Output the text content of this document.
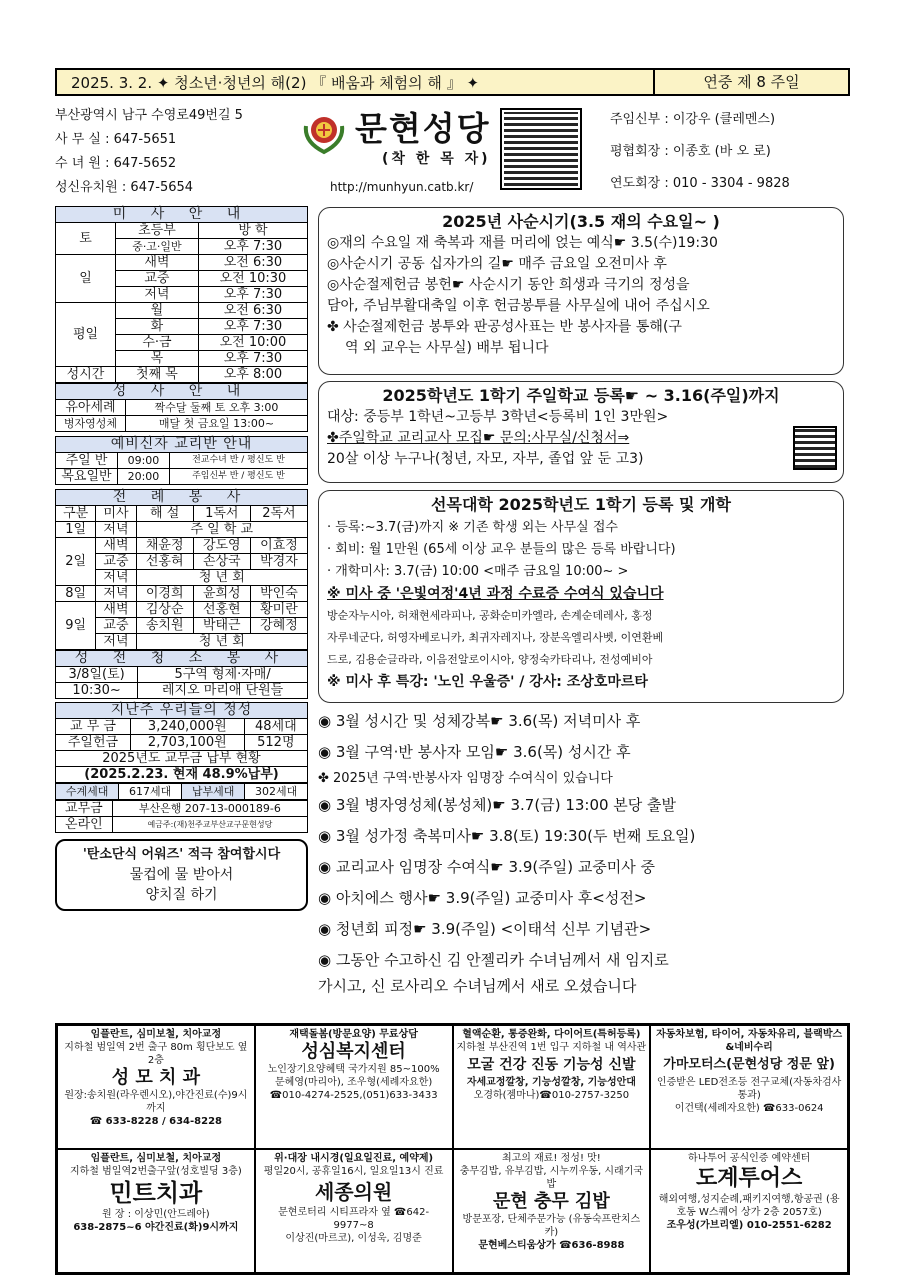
2025. 3. 2. ✦ 청소년·청년의 해(2) 『 배움과 체험의 해 』 ✦	연중 제 8 주일
부산광역시 남구 수영로49번길 5
사 무 실 : 647-5651
수 녀 원 : 647-5652
성신유치원 : 647-5654
문현성당
(착 한 목 자)
http://munhyun.catb.kr/
주임신부 : 이강우 (클레멘스)
평협회장 : 이종호 (바 오 로)
연도회장 : 010 - 3304 - 9828
미 사 안 내		
토	초등부	방 학
	중·고·일반	오후 7:30
일	새벽	오전 6:30
	교중	오전 10:30
	저녁	오후 7:30
평일	월	오전 6:30
	화	오후 7:30
	수·금	오전 10:00
	목	오후 7:30
성시간	첫째 목	오후 8:00
성 사 안 내	
유아세례	짝수달 둘째 토 오후 3:00
병자영성체	매달 첫 금요일 13:00~
예비신자 교리반 안내		
주일 반	09:00	전교수녀 반 / 평신도 반
목요일반	20:00	주임신부 반 / 평신도 반
전 례 봉 사				
구분	미사	해 설	1독서	2독서
1일	저녁	주 일 학 교		
2일	새벽	채윤정	강도영	이효정
	교중	선홍혀	손상국	박경자
	저녁	청 년 회		
8일	저녁	이경희	윤희성	박인숙
9일	새벽	김상순	선홍현	황미란
	교중	송치원	박태근	강혜정
	저녁	청 년 회		
성 전 청 소 봉 사	
3/8일(토)	5구역 형제·자매/
10:30~	레지오 마리애 단원들
지난주 우리들의 정성		
교 무 금	3,240,000원	48세대
주일헌금	2,703,100원	512명
2025년도 교무금 납부 현황		
(2025.2.23. 현재 48.9%납부)		
수계세대	617세대	납부세대	302세대
교무금	부산은행 207-13-000189-6
온라인	예금주:(재)천주교부산교구문현성당
'탄소단식 어워즈' 적극 참여합시다
물컵에 물 받아서
양치질 하기
2025년 사순시기(3.5 재의 수요일~ )
◎재의 수요일 재 축복과 재를 머리에 얹는 예식☛ 3.5(수)19:30
◎사순시기 공동 십자가의 길☛ 매주 금요일 오전미사 후
◎사순절제헌금 봉헌☛ 사순시기 동안 희생과 극기의 정성을
담아, 주님부활대축일 이후 헌금봉투를 사무실에 내어 주십시오
✤ 사순절제헌금 봉투와 판공성사표는 반 봉사자를 통해(구
역 외 교우는 사무실) 배부 됩니다
2025학년도 1학기 주일학교 등록☛ ~ 3.16(주일)까지
대상: 중등부 1학년~고등부 3학년<등록비 1인 3만원>
✤주일학교 교리교사 모집☛ 문의:사무실/신청서⇒
20살 이상 누구나(청년, 자모, 자부, 졸업 앞 둔 고3)
선목대학 2025학년도 1학기 등록 및 개학
· 등록:~3.7(금)까지 ※ 기존 학생 외는 사무실 접수
· 회비: 월 1만원 (65세 이상 교우 분들의 많은 등록 바랍니다)
· 개학미사: 3.7(금) 10:00 <매주 금요일 10:00~ >
※ 미사 중 '은빛여정'4년 과정 수료증 수여식 있습니다
방순자누시아, 허채현세라피나, 공화순미카엘라, 손계순데레사, 홍정
자루네군다, 허영자베로니카, 최귀자레지나, 장분옥엘리사벳, 이연환베
드로, 김용순글라라, 이음전알로이시아, 양정숙카타리나, 전성예비아
※ 미사 후 특강: '노인 우울증' / 강사: 조상호마르타
◉ 3월 성시간 및 성체강복☛ 3.6(목) 저녁미사 후
◉ 3월 구역·반 봉사자 모임☛ 3.6(목) 성시간 후
✤ 2025년 구역·반봉사자 임명장 수여식이 있습니다
◉ 3월 병자영성체(봉성체)☛ 3.7(금) 13:00 본당 출발
◉ 3월 성가정 축복미사☛ 3.8(토) 19:30(두 번째 토요일)
◉ 교리교사 임명장 수여식☛ 3.9(주일) 교중미사 중
◉ 아치에스 행사☛ 3.9(주일) 교중미사 후<성전>
◉ 청년회 피정☛ 3.9(주일) <이태석 신부 기념관>
◉ 그동안 수고하신 김 안젤리카 수녀님께서 새 임지로
가시고, 신 로사리오 수녀님께서 새로 오셨습니다
임플란트, 심미보철, 치아교정
지하철 범일역 2번 출구 80m 횡단보도 옆 2층
성 모 치 과
원장:송치원(라우렌시오),야간진료(수)9시까지
☎ 633-8228 / 634-8228
재택돌봄(방문요양) 무료상담
성심복지센터
노인장기요양혜택 국가지원 85~100%
문혜영(마리아), 조우형(세례자요한) ☎010-4274-2525,(051)633-3433
혈액순환, 통증완화, 다이어트(특허등록)
지하철 부산진역 1번 입구 지하철 내 역사관
모굴 건강 진동 기능성 신발
자세교정깔창, 기능성깔창, 기능성안대
오경하(젬마나)☎010-2757-3250
자동차보험, 타이어, 자동차유리, 블랙박스&네비수리
가마모터스(문현성당 정문 앞)
인증받은 LED전조등 전구교체(자동차검사 통과)
이건택(세례자요한) ☎633-0624
임플란트, 심미보철, 치아교정
지하철 범일역2번출구앞(성호빌딩 3층)
민트치과
원 장 : 이상민(안드레아)
638-2875~6 야간진료(화)9시까지
위·대장 내시경(일요일진료, 예약제)
평일20시, 공휴일16시, 일요일13시 진료
세종의원
문현로터리 시티프라자 옆 ☎642-9977~8
이상진(마르코), 이성욱, 김명준
최고의 재료! 정성! 맛!
충무김밥, 유부김밥, 시누끼우동, 시래기국밥
문현 충무 김밥
방문포장, 단체주문가능 (유동숙프란치스카)
문현베스티움상가 ☎636-8988
하나투어 공식인증 예약센터
도계투어스
해외여행,성지순례,패키지여행,항공권 (용호동 W스퀘어 상가 2층 2057호)
조우성(가브리엘) 010-2551-6282
